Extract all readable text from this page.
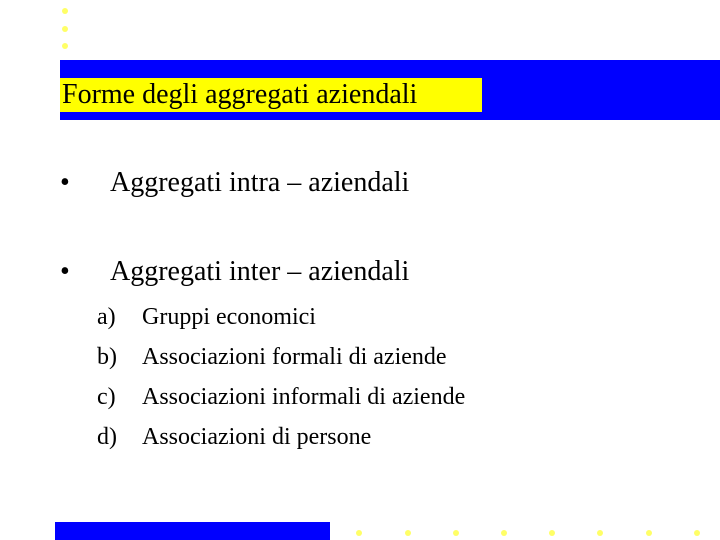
Forme degli aggregati aziendali
•	Aggregati intra – aziendali
•	Aggregati inter – aziendali
a) Gruppi economici
b) Associazioni formali di aziende
c) Associazioni informali di aziende
d) Associazioni di persone
